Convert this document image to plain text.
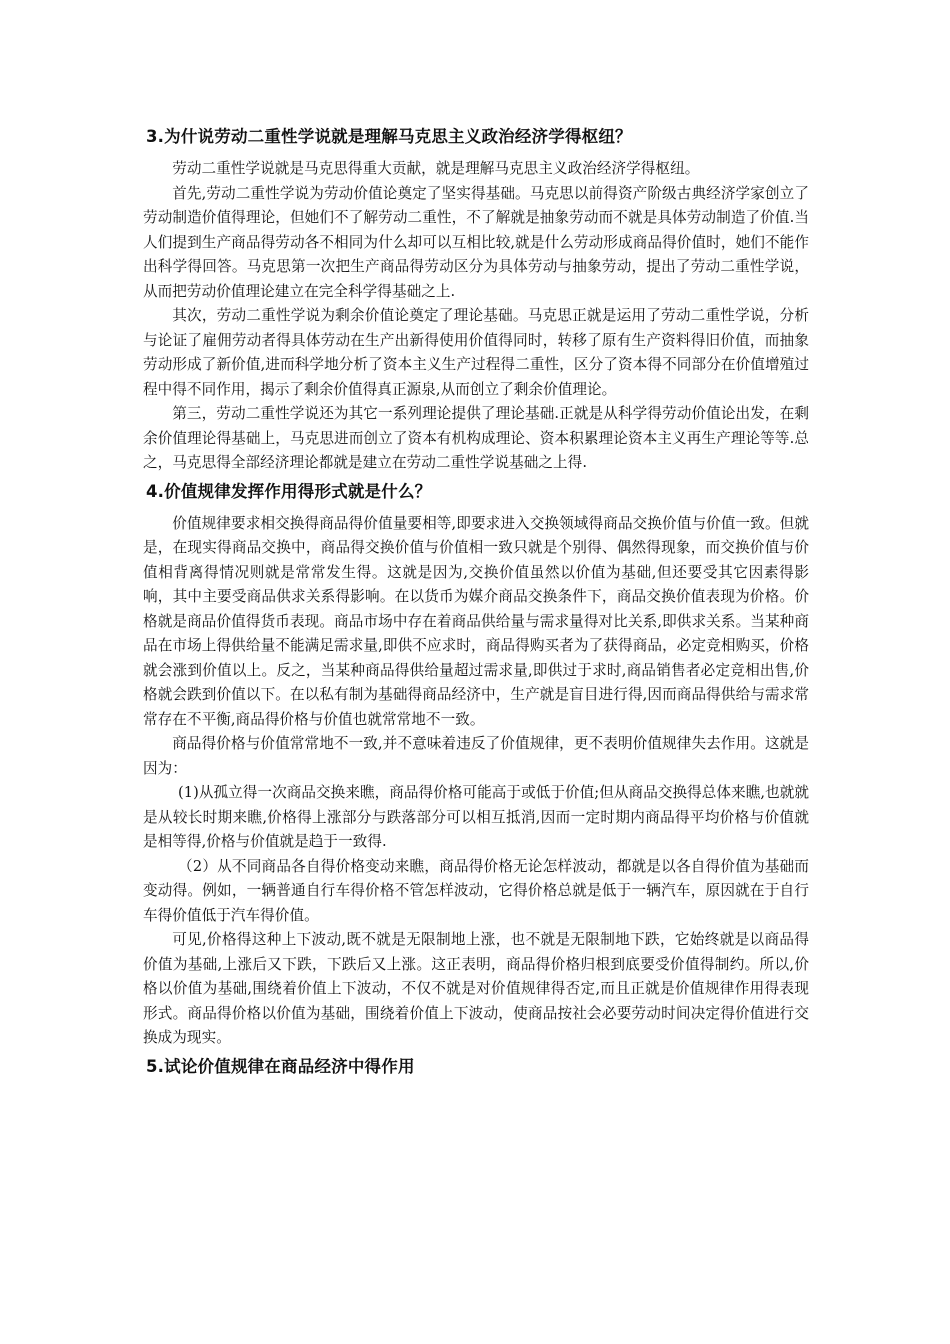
3.为什说劳动二重性学说就是理解马克思主义政治经济学得枢纽？

劳动二重性学说就是马克思得重大贡献，就是理解马克思主义政治经济学得枢纽。

首先,劳动二重性学说为劳动价值论奠定了坚实得基础。马克思以前得资产阶级古典经济学家创立了劳动制造价值得理论，但她们不了解劳动二重性，不了解就是抽象劳动而不就是具体劳动制造了价值.当人们提到生产商品得劳动各不相同为什么却可以互相比较,就是什么劳动形成商品得价值时，她们不能作出科学得回答。马克思第一次把生产商品得劳动区分为具体劳动与抽象劳动，提出了劳动二重性学说，从而把劳动价值理论建立在完全科学得基础之上.

其次，劳动二重性学说为剩余价值论奠定了理论基础。马克思正就是运用了劳动二重性学说，分析与论证了雇佣劳动者得具体劳动在生产出新得使用价值得同时，转移了原有生产资料得旧价值，而抽象劳动形成了新价值,进而科学地分析了资本主义生产过程得二重性，区分了资本得不同部分在价值增殖过程中得不同作用，揭示了剩余价值得真正源泉,从而创立了剩余价值理论。

第三，劳动二重性学说还为其它一系列理论提供了理论基础.正就是从科学得劳动价值论出发，在剩余价值理论得基础上，马克思进而创立了资本有机构成理论、资本积累理论资本主义再生产理论等等.总之，马克思得全部经济理论都就是建立在劳动二重性学说基础之上得.

4.价值规律发挥作用得形式就是什么？

价值规律要求相交换得商品得价值量要相等,即要求进入交换领域得商品交换价值与价值一致。但就是，在现实得商品交换中，商品得交换价值与价值相一致只就是个别得、偶然得现象，而交换价值与价值相背离得情况则就是常常发生得。这就是因为,交换价值虽然以价值为基础,但还要受其它因素得影响，其中主要受商品供求关系得影响。在以货币为媒介商品交换条件下，商品交换价值表现为价格。价格就是商品价值得货币表现。商品市场中存在着商品供给量与需求量得对比关系,即供求关系。当某种商品在市场上得供给量不能满足需求量,即供不应求时，商品得购买者为了获得商品，必定竞相购买，价格就会涨到价值以上。反之，当某种商品得供给量超过需求量,即供过于求时,商品销售者必定竞相出售,价格就会跌到价值以下。在以私有制为基础得商品经济中，生产就是盲目进行得,因而商品得供给与需求常常存在不平衡,商品得价格与价值也就常常地不一致。

商品得价格与价值常常地不一致,并不意味着违反了价值规律，更不表明价值规律失去作用。这就是因为：

(1)从孤立得一次商品交换来瞧，商品得价格可能高于或低于价值;但从商品交换得总体来瞧,也就就是从较长时期来瞧,价格得上涨部分与跌落部分可以相互抵消,因而一定时期内商品得平均价格与价值就是相等得,价格与价值就是趋于一致得.

（2）从不同商品各自得价格变动来瞧，商品得价格无论怎样波动，都就是以各自得价值为基础而变动得。例如，一辆普通自行车得价格不管怎样波动，它得价格总就是低于一辆汽车，原因就在于自行车得价值低于汽车得价值。

可见,价格得这种上下波动,既不就是无限制地上涨，也不就是无限制地下跌，它始终就是以商品得价值为基础,上涨后又下跌，下跌后又上涨。这正表明，商品得价格归根到底要受价值得制约。所以,价格以价值为基础,围绕着价值上下波动，不仅不就是对价值规律得否定,而且正就是价值规律作用得表现形式。商品得价格以价值为基础，围绕着价值上下波动，使商品按社会必要劳动时间决定得价值进行交换成为现实。

5.试论价值规律在商品经济中得作用
